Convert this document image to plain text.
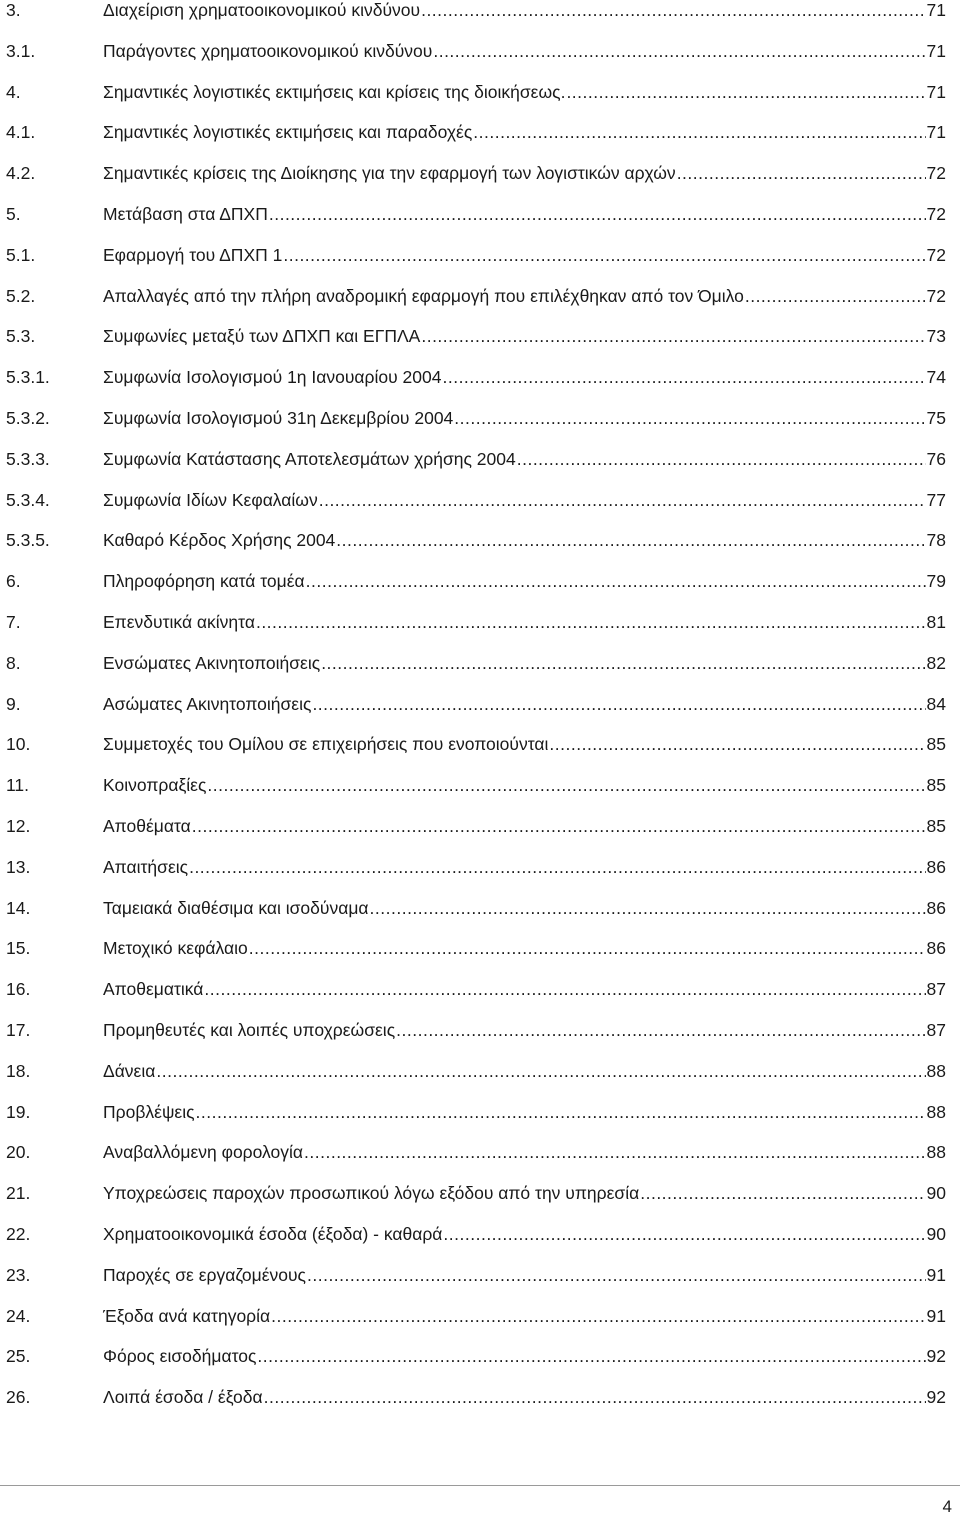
3.	Διαχείριση χρηματοοικονομικού κινδύνου .....	71
3.1.	Παράγοντες χρηματοοικονομικού κινδύνου .....	71
4.	Σημαντικές λογιστικές εκτιμήσεις και κρίσεις της διοικήσεως. .....	71
4.1.	Σημαντικές λογιστικές εκτιμήσεις και παραδοχές .....	71
4.2.	Σημαντικές κρίσεις της Διοίκησης για την εφαρμογή των λογιστικών αρχών .....	72
5.	Μετάβαση στα ΔΠΧΠ .....	72
5.1.	Εφαρμογή του ΔΠΧΠ 1 .....	72
5.2.	Απαλλαγές από την πλήρη αναδρομική εφαρμογή που επιλέχθηκαν από τον Όμιλο .....	72
5.3.	Συμφωνίες μεταξύ των ΔΠΧΠ και ΕΓΠΛΑ .....	73
5.3.1.	Συμφωνία Ισολογισμού 1η Ιανουαρίου 2004 .....	74
5.3.2.	Συμφωνία Ισολογισμού 31η Δεκεμβρίου 2004 .....	75
5.3.3.	Συμφωνία Κατάστασης Αποτελεσμάτων χρήσης 2004 .....	76
5.3.4.	Συμφωνία Ιδίων Κεφαλαίων .....	77
5.3.5.	Καθαρό Κέρδος Χρήσης 2004 .....	78
6.	Πληροφόρηση κατά τομέα .....	79
7.	Επενδυτικά ακίνητα .....	81
8.	Ενσώματες Ακινητοποιήσεις .....	82
9.	Ασώματες Ακινητοποιήσεις .....	84
10.	Συμμετοχές του Ομίλου σε επιχειρήσεις που ενοποιούνται .....	85
11.	Κοινοπραξίες .....	85
12.	Αποθέματα .....	85
13.	Απαιτήσεις .....	86
14.	Ταμειακά διαθέσιμα και ισοδύναμα .....	86
15.	Μετοχικό κεφάλαιο .....	86
16.	Αποθεματικά .....	87
17.	Προμηθευτές και λοιπές υποχρεώσεις .....	87
18.	Δάνεια .....	88
19.	Προβλέψεις .....	88
20.	Αναβαλλόμενη φορολογία .....	88
21.	Υποχρεώσεις παροχών προσωπικού λόγω εξόδου από την υπηρεσία .....	90
22.	Χρηματοοικονομικά έσοδα (έξοδα) - καθαρά .....	90
23.	Παροχές σε εργαζομένους .....	91
24.	Έξοδα ανά κατηγορία .....	91
25.	Φόρος εισοδήματος .....	92
26.	Λοιπά έσοδα / έξοδα .....	92
4
